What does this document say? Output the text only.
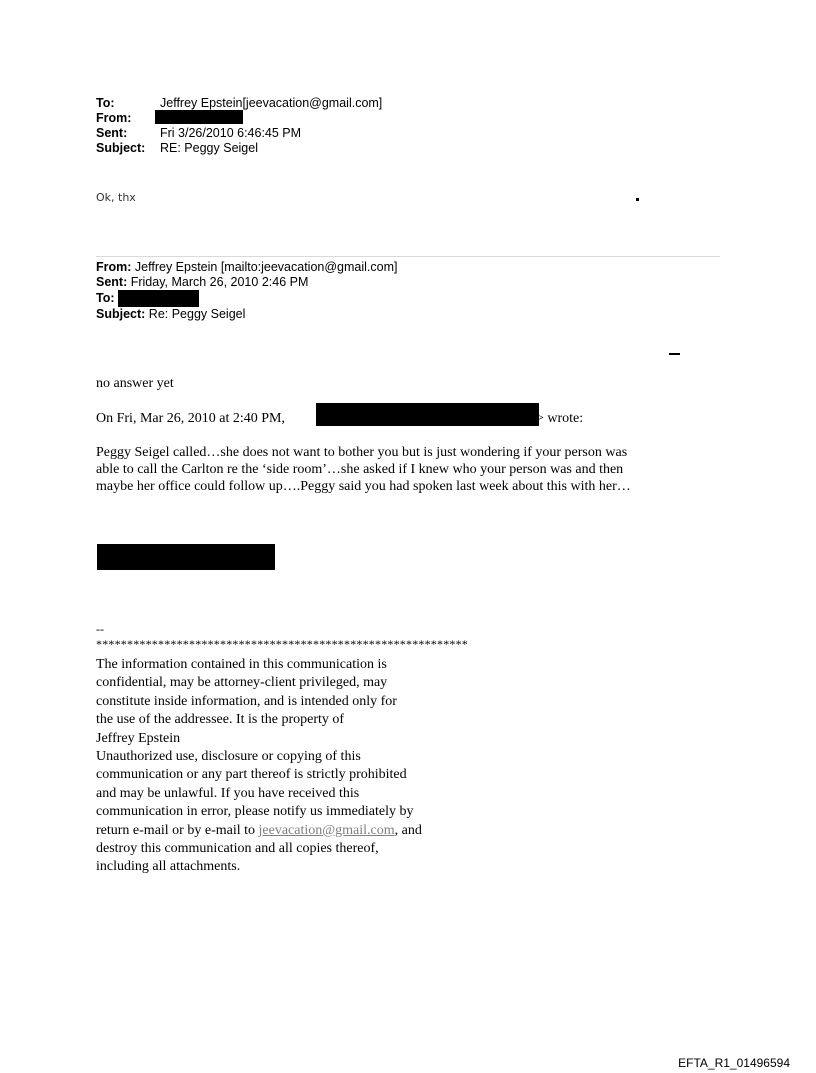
To:	Jeffrey Epstein[jeevacation@gmail.com]
From:
Sent:	Fri 3/26/2010 6:46:45 PM
Subject: RE: Peggy Seigel
Ok, thx
From: Jeffrey Epstein [mailto:jeevacation@gmail.com]
Sent: Friday, March 26, 2010 2:46 PM
To:
Subject: Re: Peggy Seigel
no answer yet
On Fri, Mar 26, 2010 at 2:40 PM,	> wrote:
Peggy Seigel called…she does not want to bother you but is just wondering if your person was
able to call the Carlton re the ‘side room’…she asked if I knew who your person was and then
maybe her office could follow up….Peggy said you had spoken last week about this with her…
--
************************************************************

The information contained in this communication is

confidential, may be attorney-client privileged, may

constitute inside information, and is intended only for

the use of the addressee. It is the property of

Jeffrey Epstein

Unauthorized use, disclosure or copying of this

communication or any part thereof is strictly prohibited

and may be unlawful. If you have received this

communication in error, please notify us immediately by

return e-mail or by e-mail to jeevacation@gmail.com, and

destroy this communication and all copies thereof,

including all attachments.

EFTA_R1_01496594
